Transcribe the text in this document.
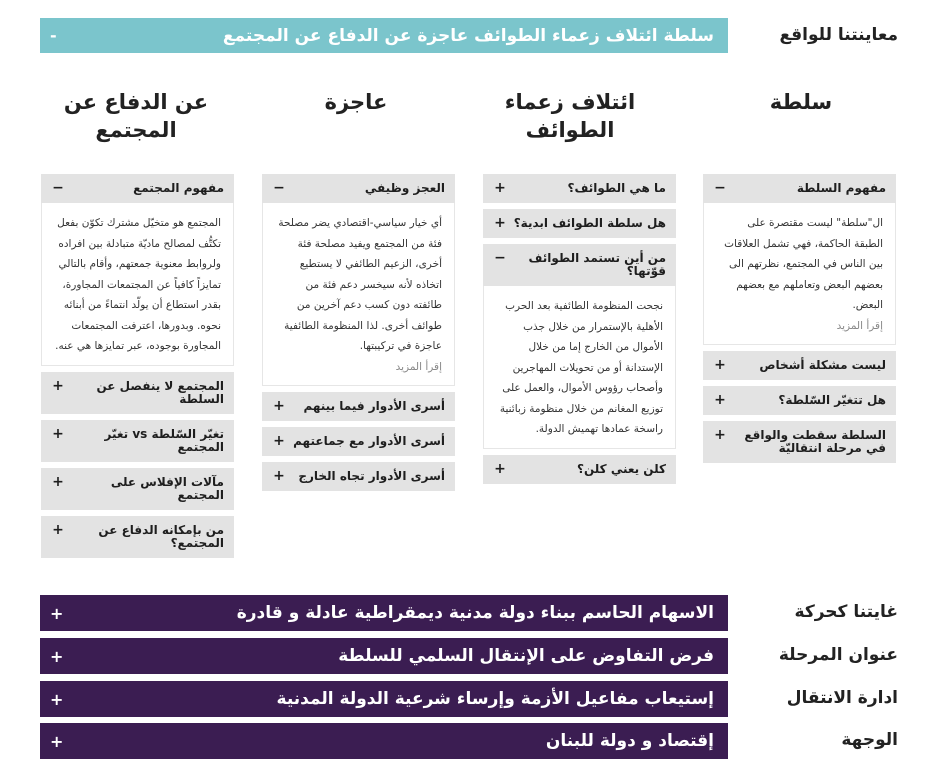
معاينتنا للواقع
سلطة ائتلاف زعماء الطوائف عاجزة عن الدفاع عن المجتمع
-
سلطة
ائتلاف زعماء الطوائف
عاجزة
عن الدفاع عن المجتمع
مفهوم السلطة
−
ال"سلطة" ليست مقتصرة على الطبقة الحاكمة، فهي تشمل العلاقات بين الناس في المجتمع، نظرتهم الى بعضهم البعض وتعاملهم مع بعضهم البعض.
إقرأ المزيد
ليست مشكلة أشخاص
+
هل تتغيّر السّلطة؟
+
السلطة سقطت والواقع في مرحلة انتقاليّة
+
ما هي الطوائف؟
+
هل سلطة الطوائف ابدية؟
+
من أين تستمد الطوائف قوّتها؟
−
نجحت المنظومة الطائفية بعد الحرب الأهلية بالإستمرار من خلال جذب الأموال من الخارج إما من خلال الإستدانة أو من تحويلات المهاجرين وأصحاب رؤوس الأموال، والعمل على توزيع المغانم من خلال منظومة زبائنية راسخة عمادها تهميش الدولة.
كلن يعني كلن؟
+
العجز وظيفي
−
أي خيار سياسي-اقتصادي يضر مصلحة فئة من المجتمع ويفيد مصلحة فئة أخرى، الزعيم الطائفي لا يستطيع اتخاذه لأنه سيخسر دعم فئة من طائفته دون كسب دعم آخرين من طوائف أخرى. لذا المنظومة الطائفية عاجزة في تركيبتها.
إقرأ المزيد
أسرى الأدوار فيما بينهم
+
أسرى الأدوار مع جماعتهم
+
أسرى الأدوار تجاه الخارج
+
مفهوم المجتمع
−
المجتمع هو متخيّل مشترك تكوّن بفعل تكتُّف لمصالح ماديّة متبادلة بين افراده ولروابط معنوية جمعتهم، وأقام بالتالي تمايزاً كافياً عن المجتمعات المجاورة، بقدر استطاع أن يولّد انتماءً من أبنائه نحوه. وبدورها، اعترفت المجتمعات المجاورة بوجوده، عبر تمايزها هي عنه.
المجتمع لا ينفصل عن السلطة
+
تغيّر السّلطة vs تغيّر المجتمع
+
مآلات الإفلاس على المجتمع
+
من بإمكانه الدفاع عن المجتمع؟
+
غايتنا كحركة
الاسهام الحاسم ببناء دولة مدنية ديمقراطية عادلة و قادرة
+
عنوان المرحلة
فرض التفاوض على الإنتقال السلمي للسلطة
+
ادارة الانتقال
إستيعاب مفاعيل الأزمة وإرساء شرعية الدولة المدنية
+
الوجهة
إقتصاد و دولة للبنان
+
